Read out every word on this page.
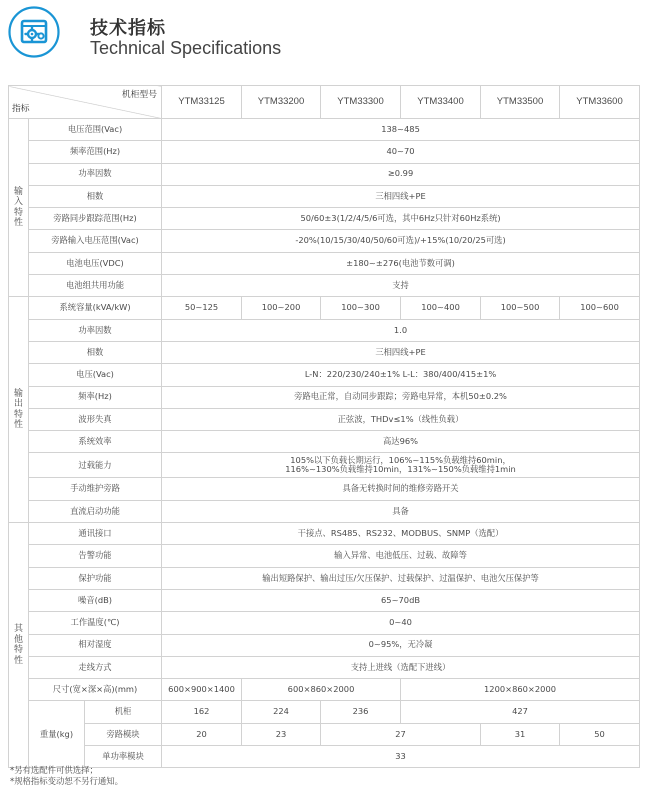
技术指标
Technical Specifications
机柜型号
指标			YTM33125	YTM33200	YTM33300	YTM33400	YTM33500	YTM33600

输
入
特
性	电压范围(Vac)		138~485					
	频率范围(Hz)		40~70					
	功率因数		≥0.99					
	相数		三相四线+PE					
	旁路同步跟踪范围(Hz)		50/60±3(1/2/4/5/6可选，其中6Hz只针对60Hz系统)					
	旁路输入电压范围(Vac)		-20%(10/15/30/40/50/60可选)/+15%(10/20/25可选)					
	电池电压(VDC)		±180~±276(电池节数可调)					
	电池组共用功能		支持					

输
出
特
性	系统容量(kVA/kW)		50~125	100~200	100~300	100~400	100~500	100~600
	功率因数		1.0					
	相数		三相四线+PE					
	电压(Vac)		L-N：220/230/240±1% L-L：380/400/415±1%					
	频率(Hz)		旁路电正常，自动同步跟踪；旁路电异常，本机50±0.2%					
	波形失真		正弦波，THDv≤1%（线性负载）					
	系统效率		高达96%					
	过载能力		105%以下负载长期运行，106%~115%负载维持60min，
116%~130%负载维持10min，131%~150%负载维持1min					

	手动维护旁路		具备无转换时间的维修旁路开关					
	直流启动功能		具备					

其
他
特
性	通讯接口		干接点、RS485、RS232、MODBUS、SNMP（选配）					
	告警功能		输入异常、电池低压、过载、故障等					
	保护功能		输出短路保护、输出过压/欠压保护、过载保护、过温保护、电池欠压保护等					
	噪音(dB)		65~70dB					
	工作温度(℃)		0~40					
	相对湿度		0~95%，无冷凝					
	走线方式		支持上进线（选配下进线）					
	尺寸(宽×深×高)(mm)		600×900×1400	600×860×2000		1200×860×2000		
	重量(kg)	机柜	162	224	236	427		
		旁路模块	20	23	27		31	50
		单功率模块	33					
*另有选配件可供选择；
*规格指标变动恕不另行通知。
